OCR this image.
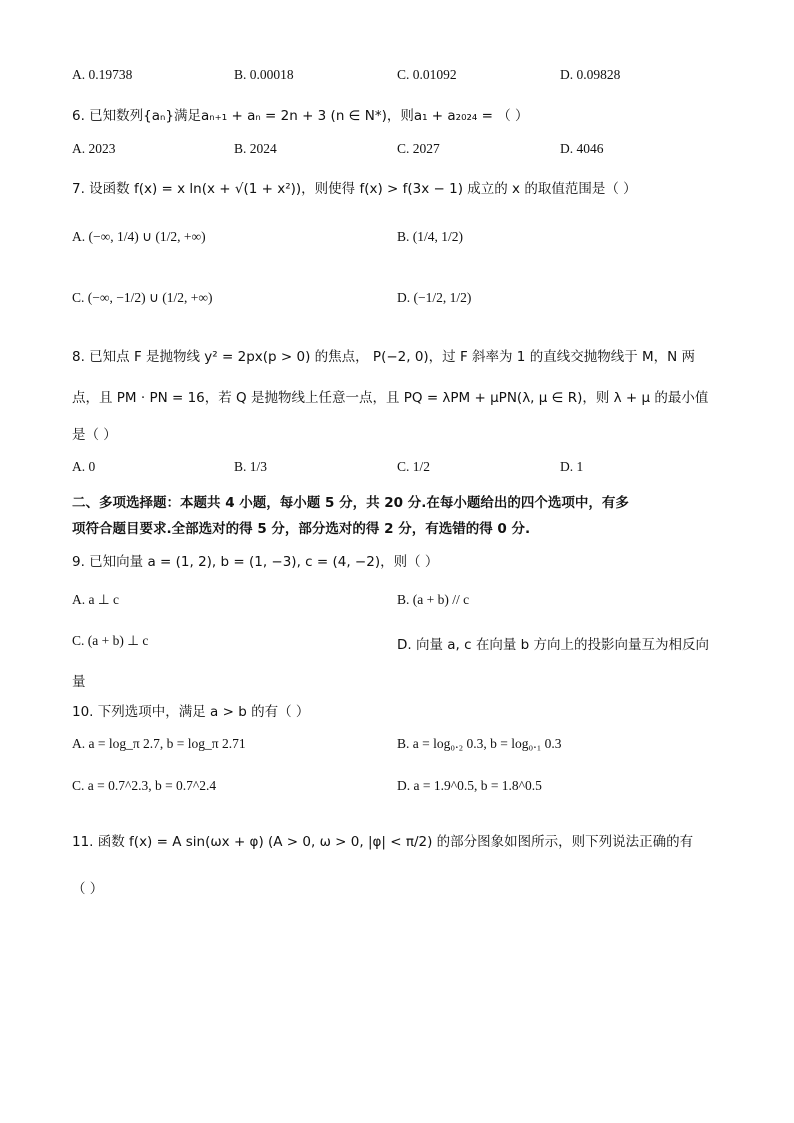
A. 0.19738	B. 0.00018	C. 0.01092	D. 0.09828
6. 已知数列{aₙ}满足aₙ₊₁ + aₙ = 2n + 3 (n ∈ N*)，则a₁ + a₂₀₂₄ = （ ）
A. 2023	B. 2024	C. 2027	D. 4046
7. 设函数 f(x) = x ln(x + √(1 + x²))，则使得 f(x) > f(3x − 1) 成立的 x 的取值范围是（ ）
A. (−∞, 1/4) ∪ (1/2, +∞)	B. (1/4, 1/2)
C. (−∞, −1/2) ∪ (1/2, +∞)	D. (−1/2, 1/2)
8. 已知点 F 是抛物线 y² = 2px(p > 0) 的焦点， P(−2, 0)，过 F 斜率为 1 的直线交抛物线于 M，N 两
点，且 PM · PN = 16，若 Q 是抛物线上任意一点，且 PQ = λPM + μPN(λ, μ ∈ R)，则 λ + μ 的最小值
是（ ）
A. 0	B. 1/3	C. 1/2	D. 1
二、多项选择题：本题共 4 小题，每小题 5 分，共 20 分.在每小题给出的四个选项中，有多
项符合题目要求.全部选对的得 5 分，部分选对的得 2 分，有选错的得 0 分.
9. 已知向量 a = (1, 2), b = (1, −3), c = (4, −2)，则（ ）
A. a ⊥ c	B. (a + b) // c
C. (a + b) ⊥ c	D. 向量 a, c 在向量 b 方向上的投影向量互为相反向
量
10. 下列选项中，满足 a > b 的有（ ）
A. a = log_π 2.7, b = log_π 2.71	B. a = log₀.₂ 0.3, b = log₀.₁ 0.3
C. a = 0.7^2.3, b = 0.7^2.4	D. a = 1.9^0.5, b = 1.8^0.5
11. 函数 f(x) = A sin(ωx + φ) (A > 0, ω > 0, |φ| < π/2) 的部分图象如图所示，则下列说法正确的有
（ ）
